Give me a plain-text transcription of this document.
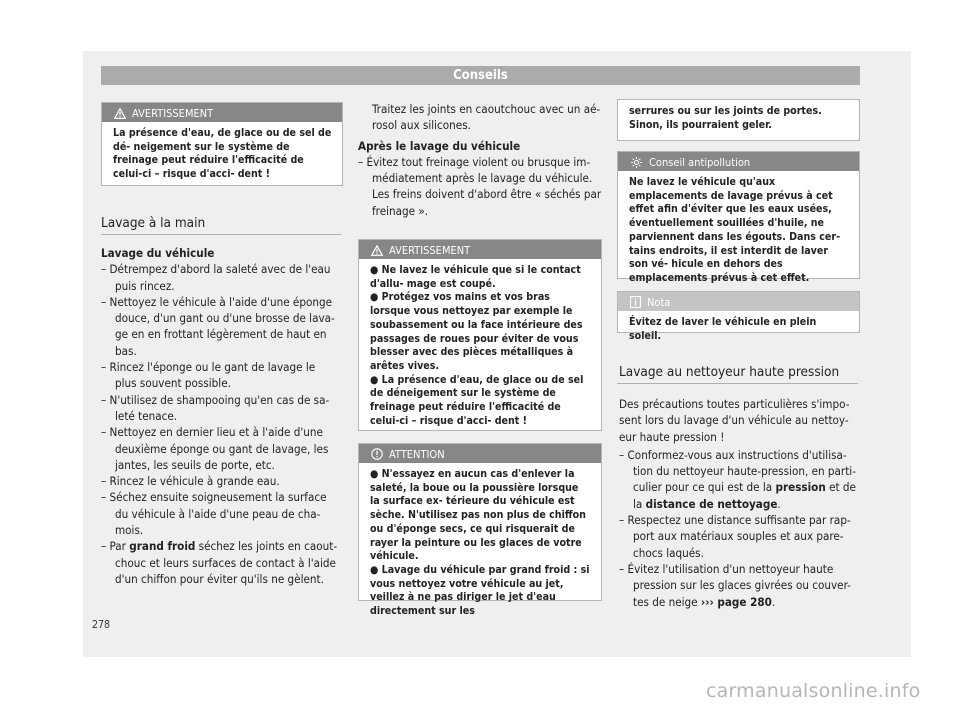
Conseils
AVERTISSEMENT
La présence d'eau, de glace ou de sel de dé- neigement sur le système de freinage peut réduire l'efficacité de celui-ci – risque d'acci- dent !
Lavage à la main

Lavage du véhicule

– Détrempez d'abord la saleté avec de l'eau puis rincez.

– Nettoyez le véhicule à l'aide d'une éponge douce, d'un gant ou d'une brosse de lava- ge en en frottant légèrement de haut en bas.

– Rincez l'éponge ou le gant de lavage le plus souvent possible.

– N'utilisez de shampooing qu'en cas de sa- leté tenace.

– Nettoyez en dernier lieu et à l'aide d'une deuxième éponge ou gant de lavage, les jantes, les seuils de porte, etc.

– Rincez le véhicule à grande eau.

– Séchez ensuite soigneusement la surface du véhicule à l'aide d'une peau de cha- mois.

– Par grand froid séchez les joints en caout- chouc et leurs surfaces de contact à l'aide d'un chiffon pour éviter qu'ils ne gèlent.

Traitez les joints en caoutchouc avec un aé- rosol aux silicones.

Après le lavage du véhicule

– Évitez tout freinage violent ou brusque im- médiatement après le lavage du véhicule. Les freins doivent d'abord être « séchés par freinage ».

AVERTISSEMENT

● Ne lavez le véhicule que si le contact d'allu- mage est coupé.

● Protégez vos mains et vos bras lorsque vous nettoyez par exemple le soubassement ou la face intérieure des passages de roues pour éviter de vous blesser avec des pièces métalliques à arêtes vives.

● La présence d'eau, de glace ou de sel de déneigement sur le système de freinage peut réduire l'efficacité de celui-ci – risque d'acci- dent !

ATTENTION

● N'essayez en aucun cas d'enlever la saleté, la boue ou la poussière lorsque la surface ex- térieure du véhicule est sèche. N'utilisez pas non plus de chiffon ou d'éponge secs, ce qui risquerait de rayer la peinture ou les glaces de votre véhicule.

● Lavage du véhicule par grand froid : si vous nettoyez votre véhicule au jet, veillez à ne pas diriger le jet d'eau directement sur les

serrures ou sur les joints de portes. Sinon, ils pourraient geler.
Conseil antipollution
Ne lavez le véhicule qu'aux emplacements de lavage prévus à cet effet afin d'éviter que les eaux usées, éventuellement souillées d'huile, ne parviennent dans les égouts. Dans cer- tains endroits, il est interdit de laver son vé- hicule en dehors des emplacements prévus à cet effet.
Nota
Évitez de laver le véhicule en plein soleil.
Lavage au nettoyeur haute pression

Des précautions toutes particulières s'impo- sent lors du lavage d'un véhicule au nettoy- eur haute pression !

– Conformez-vous aux instructions d'utilisa- tion du nettoyeur haute-pression, en parti- culier pour ce qui est de la pression et de la distance de nettoyage.

– Respectez une distance suffisante par rap- port aux matériaux souples et aux pare- chocs laqués.

– Évitez l'utilisation d'un nettoyeur haute pression sur les glaces givrées ou couver- tes de neige ››› page 280.

278
carmanualsonline.info
